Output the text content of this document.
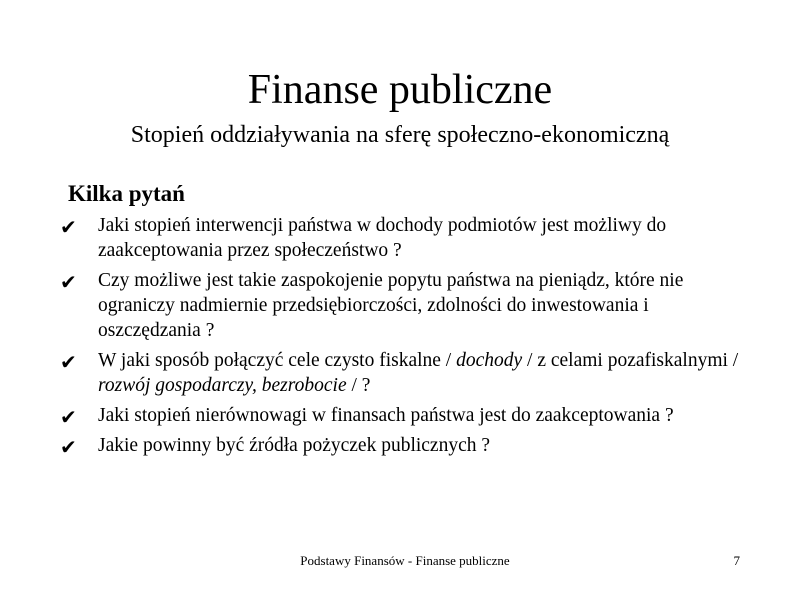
Finanse publiczne
Stopień oddziaływania na sferę społeczno-ekonomiczną
Kilka pytań
✔ Jaki stopień interwencji państwa w dochody podmiotów jest możliwy do zaakceptowania przez społeczeństwo ?
✔ Czy możliwe jest takie zaspokojenie popytu państwa na pieniądz, które nie ograniczy nadmiernie przedsiębiorczości, zdolności do inwestowania i oszczędzania ?
✔ W jaki sposób połączyć cele czysto fiskalne / dochody / z celami pozafiskalnymi / rozwój gospodarczy, bezrobocie / ?
✔ Jaki stopień nierównowagi w finansach państwa jest do zaakceptowania ?
✔ Jakie powinny być źródła pożyczek publicznych ?
Podstawy Finansów - Finanse publiczne	7
